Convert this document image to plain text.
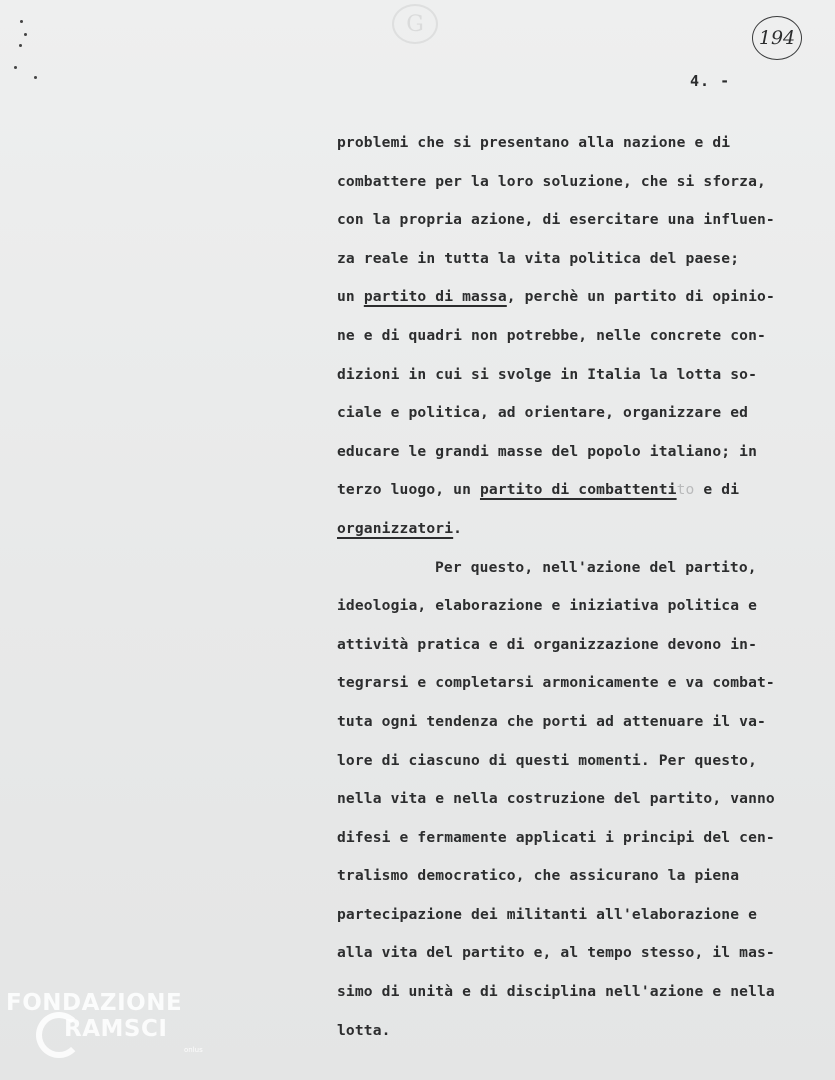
G
4. -
194
problemi che si presentano alla nazione e di
combattere per la loro soluzione, che si sforza,
con la propria azione, di esercitare una influen-
za reale in tutta la vita politica del paese;
un partito di massa, perchè un partito di opinio-
ne e di quadri non potrebbe, nelle concrete con-
dizioni in cui si svolge in Italia la lotta so-
ciale e politica, ad orientare, organizzare ed
educare le grandi masse del popolo italiano; in
terzo luogo, un partito di combattentito e di
organizzatori.
Per questo, nell'azione del partito,
ideologia, elaborazione e iniziativa politica e
attività pratica e di organizzazione devono in-
tegrarsi e completarsi armonicamente e va combat-
tuta ogni tendenza che porti ad attenuare il va-
lore di ciascuno di questi momenti. Per questo,
nella vita e nella costruzione del partito, vanno
difesi e fermamente applicati i principi del cen-
tralismo democratico, che assicurano la piena
partecipazione dei militanti all'elaborazione e
alla vita del partito e, al tempo stesso, il mas-
simo di unità e di disciplina nell'azione e nella
lotta.
FONDAZIONE
RAMSCI
onlus
